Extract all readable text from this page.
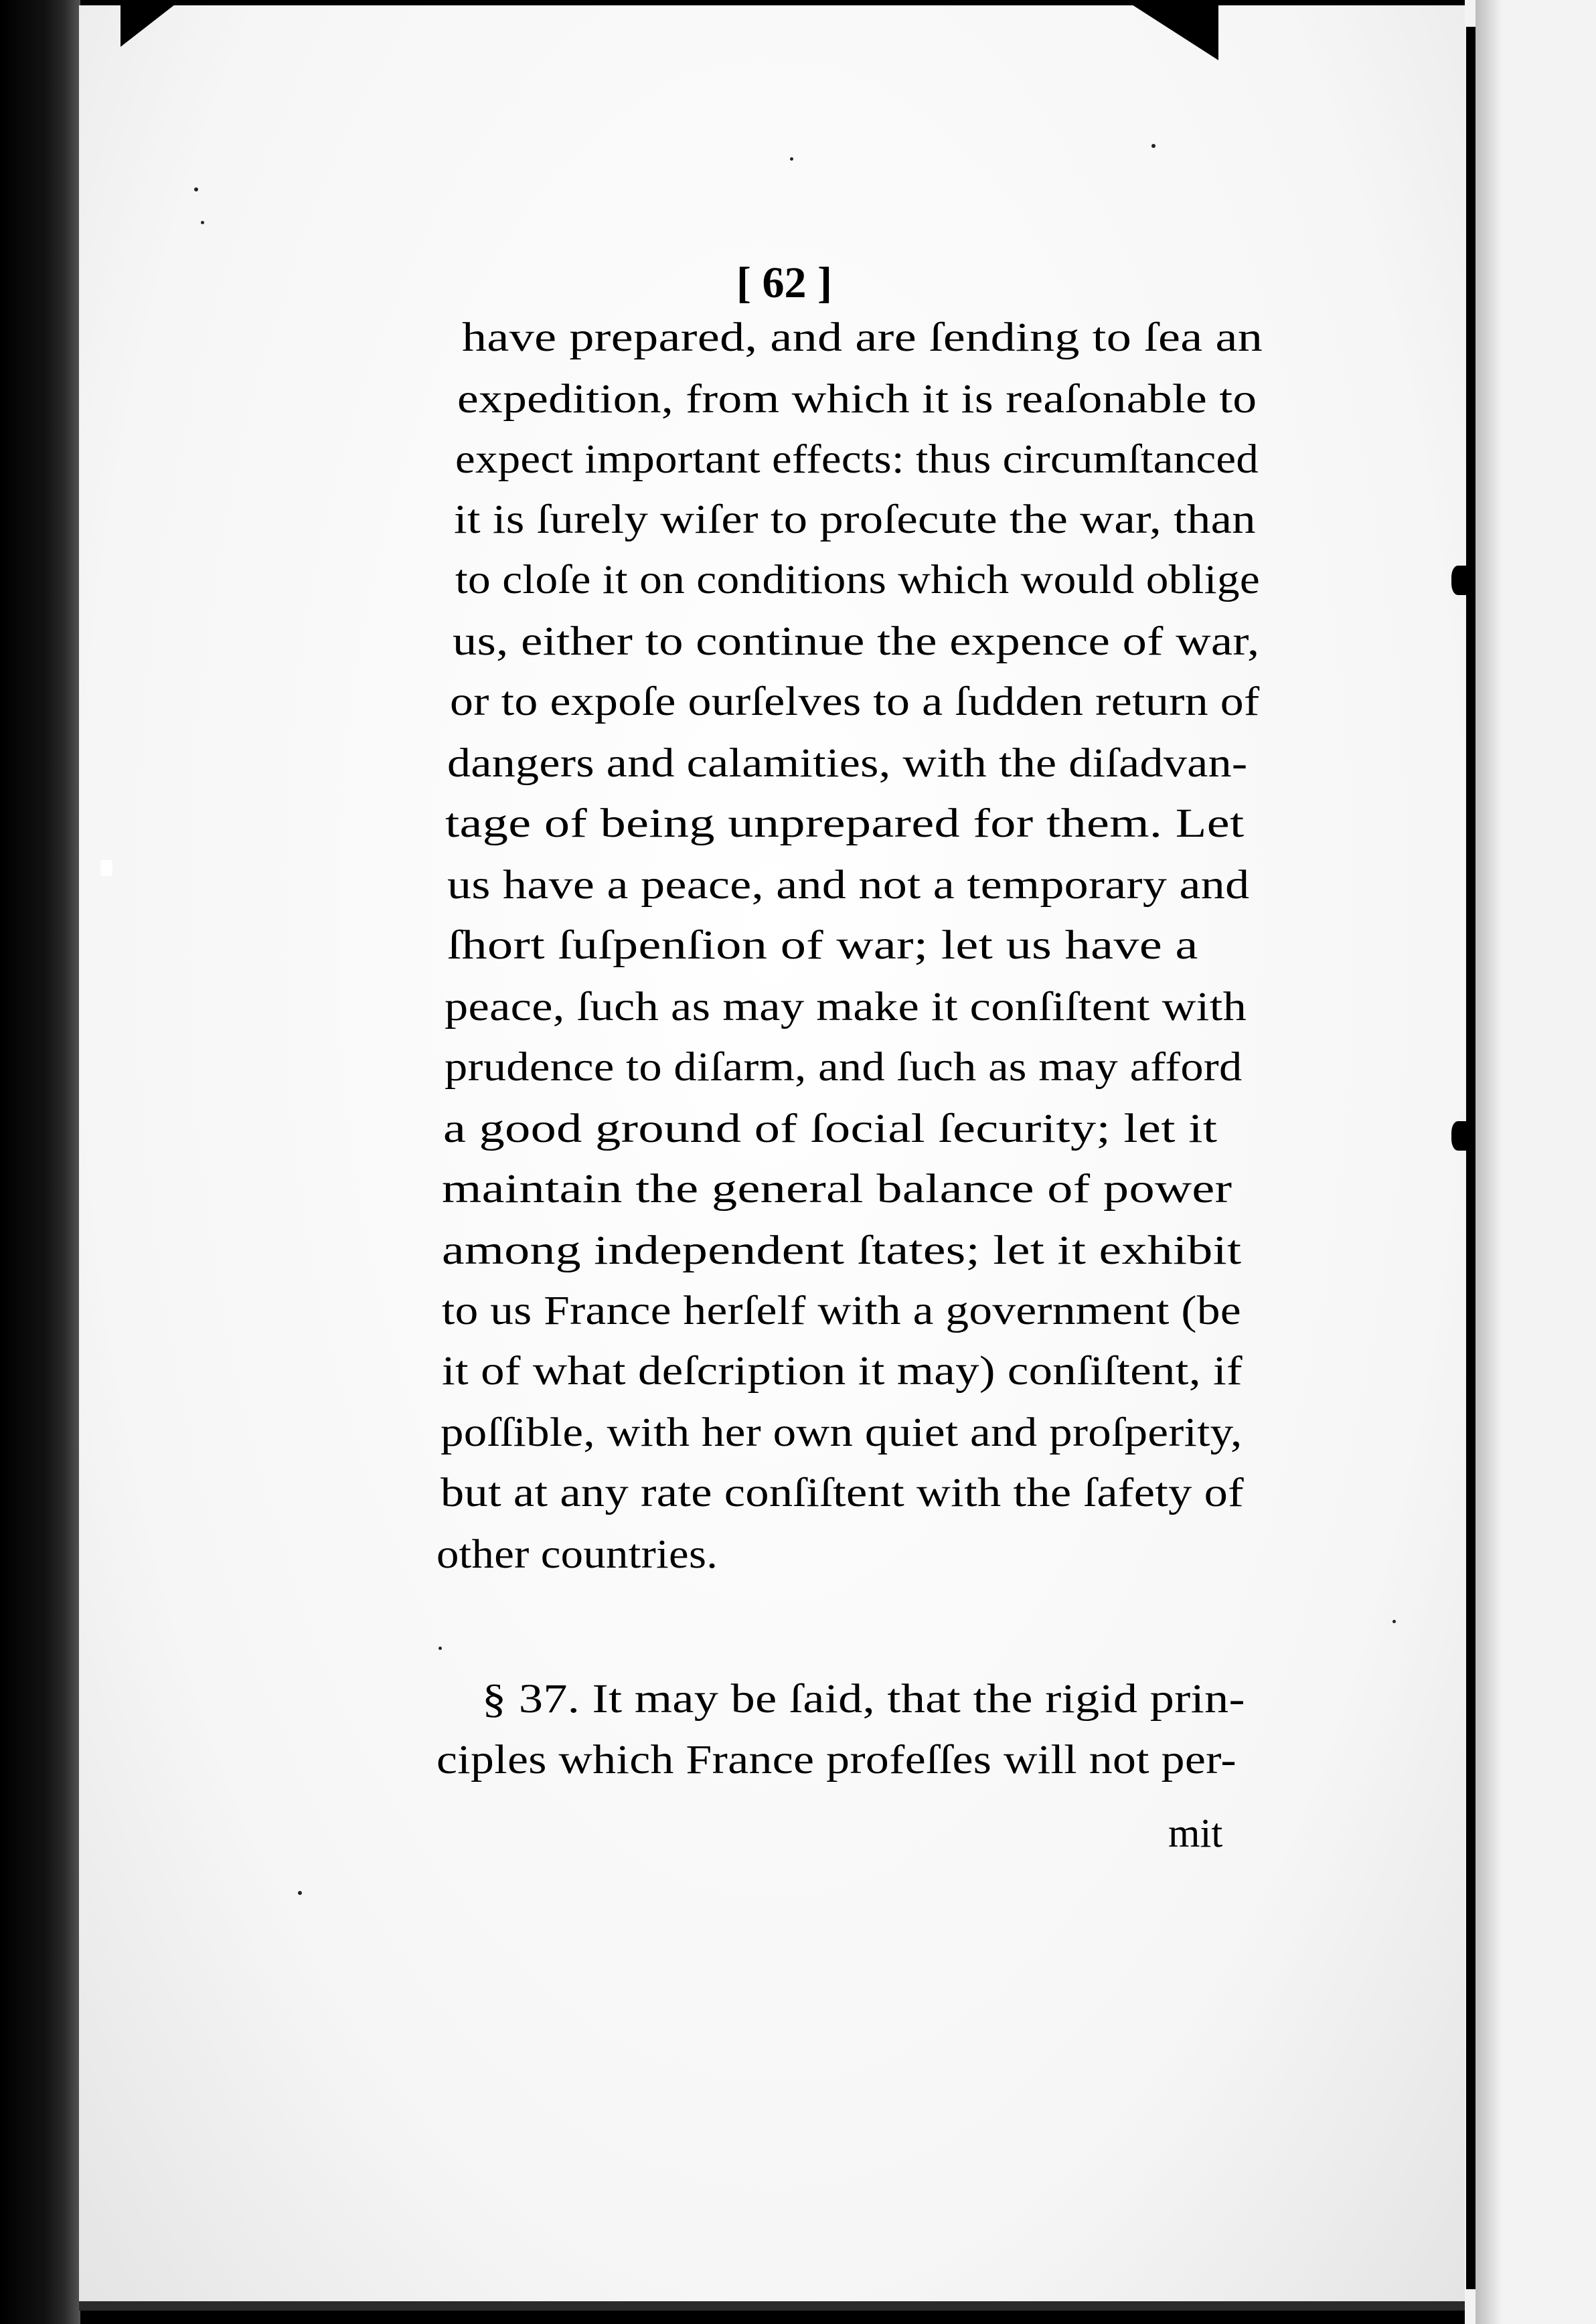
[ 62 ]
have prepared, and are ſending to ſea an
expedition, from which it is reaſonable to
expect important effects: thus circumſtanced
it is ſurely wiſer to proſecute the war, than
to cloſe it on conditions which would oblige
us, either to continue the expence of war,
or to expoſe ourſelves to a ſudden return of
dangers and calamities, with the diſadvan-
tage of being unprepared for them. Let
us have a peace, and not a temporary and
ſhort ſuſpenſion of war; let us have a
peace, ſuch as may make it conſiſtent with
prudence to diſarm, and ſuch as may afford
a good ground of ſocial ſecurity; let it
maintain the general balance of power
among independent ſtates; let it exhibit
to us France herſelf with a government (be
it of what deſcription it may) conſiſtent, if
poſſible, with her own quiet and proſperity,
but at any rate conſiſtent with the ſafety of
other countries.
§ 37. It may be ſaid, that the rigid prin-
ciples which France profeſſes will not per-
mit
